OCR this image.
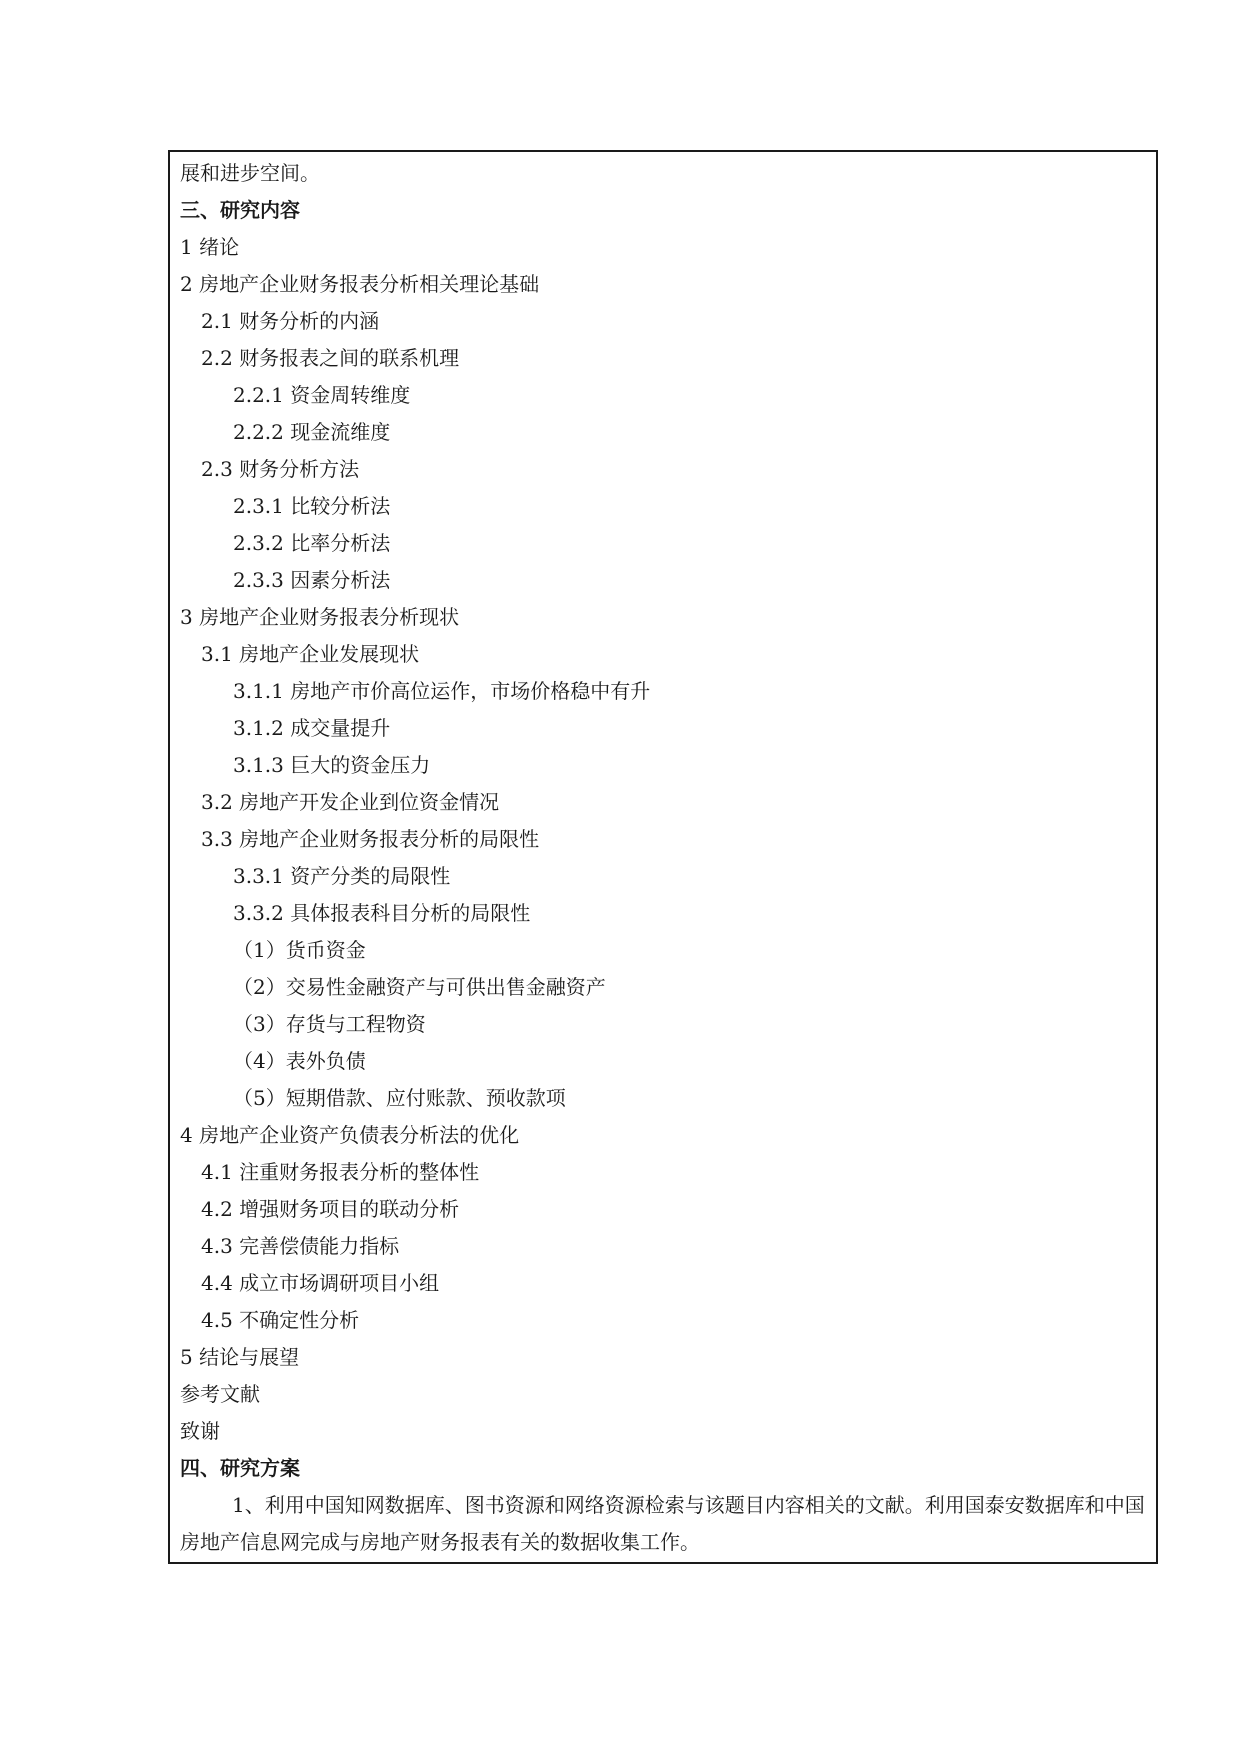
展和进步空间。
三、研究内容
1 绪论
2 房地产企业财务报表分析相关理论基础
2.1 财务分析的内涵
2.2 财务报表之间的联系机理
2.2.1 资金周转维度
2.2.2 现金流维度
2.3 财务分析方法
2.3.1 比较分析法
2.3.2 比率分析法
2.3.3 因素分析法
3 房地产企业财务报表分析现状
3.1 房地产企业发展现状
3.1.1 房地产市价高位运作，市场价格稳中有升
3.1.2 成交量提升
3.1.3 巨大的资金压力
3.2 房地产开发企业到位资金情况
3.3 房地产企业财务报表分析的局限性
3.3.1 资产分类的局限性
3.3.2 具体报表科目分析的局限性
（1）货币资金
（2）交易性金融资产与可供出售金融资产
（3）存货与工程物资
（4）表外负债
（5）短期借款、应付账款、预收款项
4 房地产企业资产负债表分析法的优化
4.1 注重财务报表分析的整体性
4.2 增强财务项目的联动分析
4.3 完善偿债能力指标
4.4 成立市场调研项目小组
4.5 不确定性分析
5 结论与展望
参考文献
致谢
四、研究方案
1、利用中国知网数据库、图书资源和网络资源检索与该题目内容相关的文献。利用国泰安数据库和中国房地产信息网完成与房地产财务报表有关的数据收集工作。
